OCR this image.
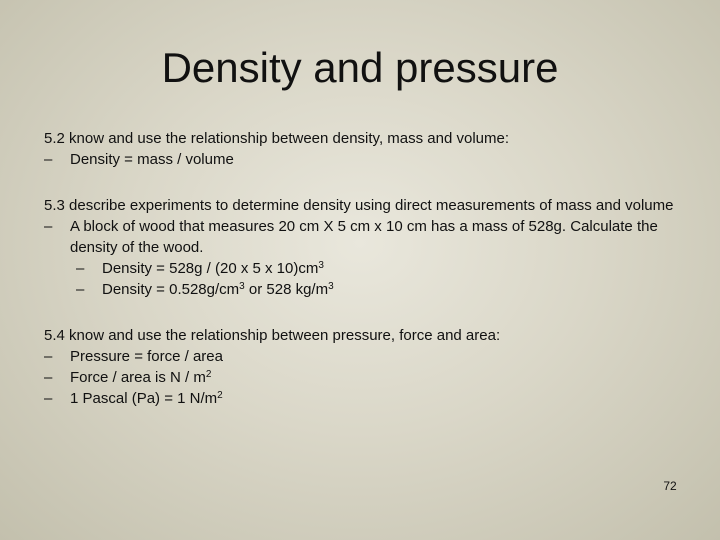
Density and pressure

5.2 know and use the relationship between density, mass and volume:

– Density = mass / volume

5.3 describe experiments to determine density using direct measurements of mass and volume

– A block of wood that measures 20 cm X 5 cm x 10 cm has a mass of 528g. Calculate the density of the wood.

– Density = 528g / (20 x 5 x $10)cm^3$

– Density = $0.528g/cm^3$ or 528 $kg/m^3$

5.4 know and use the relationship between pressure, force and area:

– Pressure = force / area

– Force / area is N / $m^2$

– 1 Pascal (Pa) = 1 $N/m^2$

72
